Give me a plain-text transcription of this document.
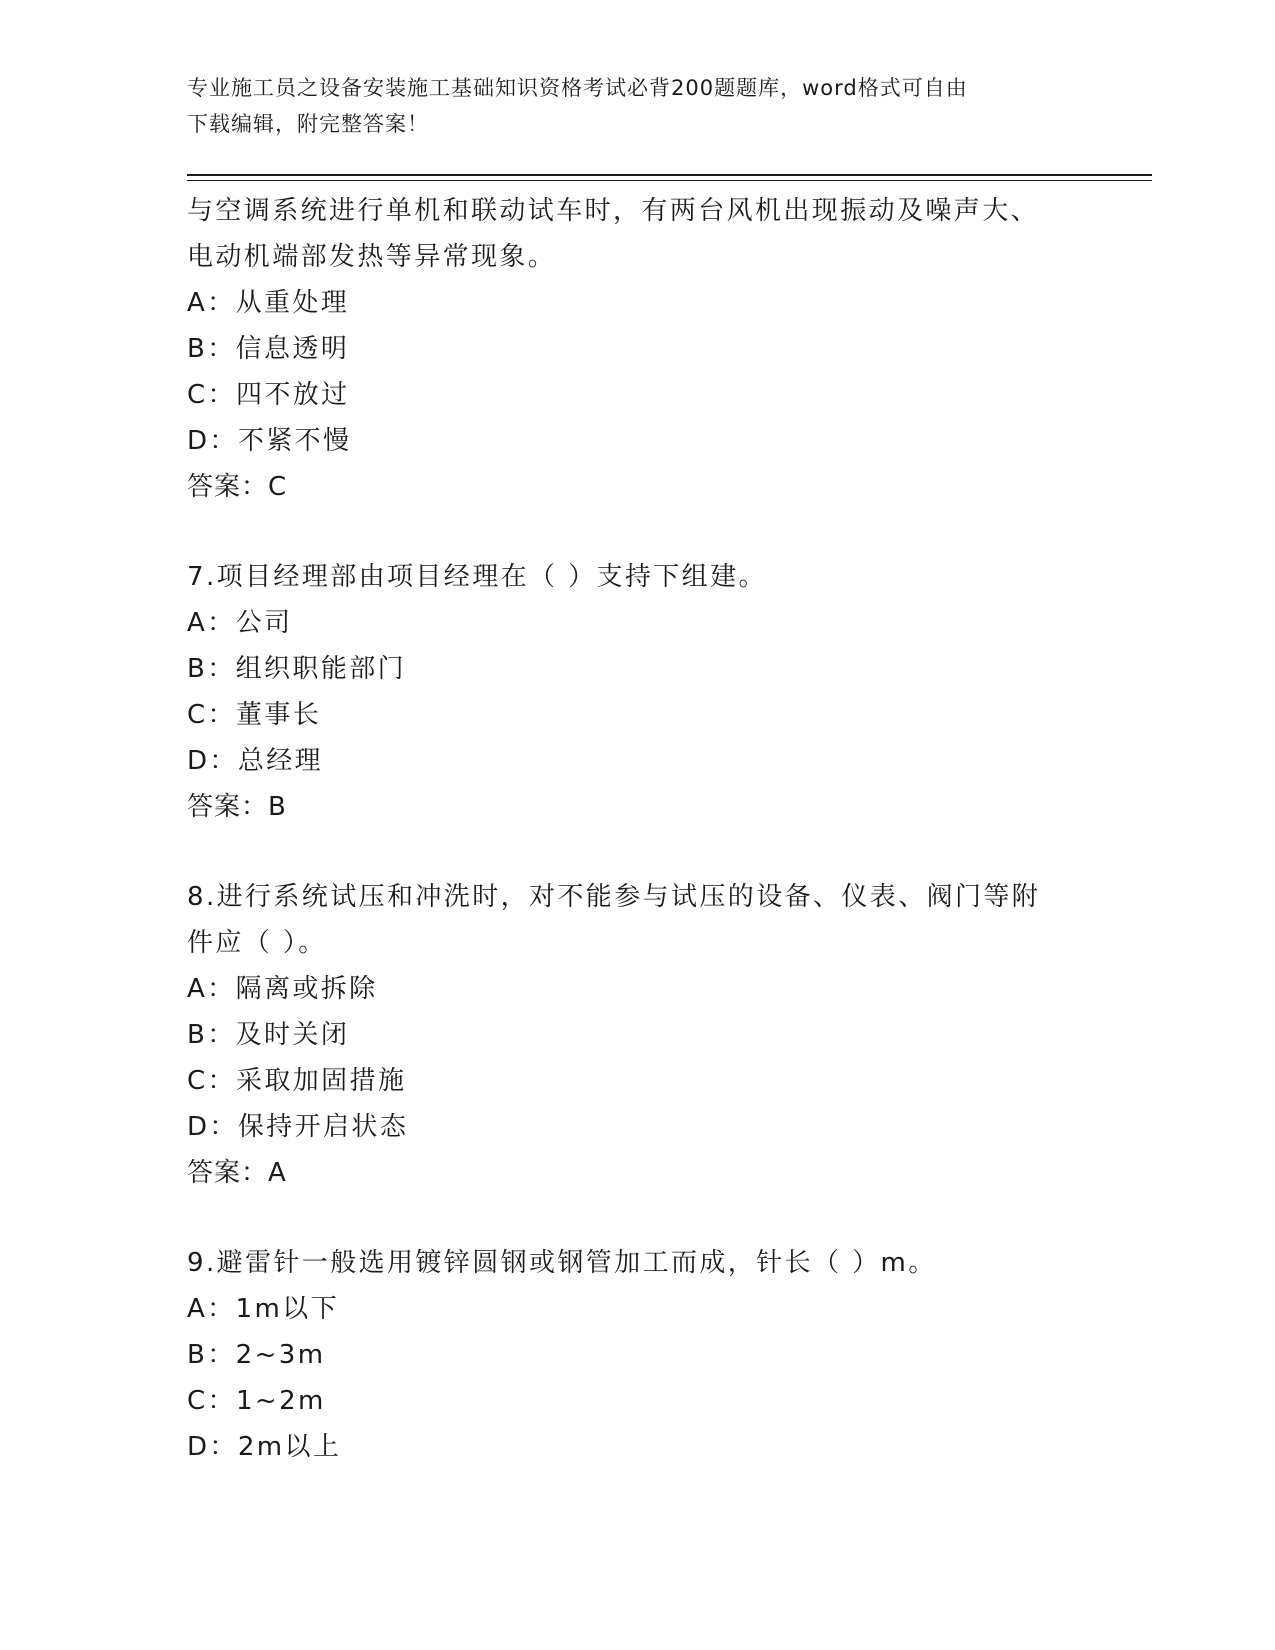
专业施工员之设备安装施工基础知识资格考试必背200题题库，word格式可自由
下载编辑，附完整答案！
与空调系统进行单机和联动试车时，有两台风机出现振动及噪声大、
电动机端部发热等异常现象。
A：从重处理
B：信息透明
C：四不放过
D：不紧不慢
答案：C
7.项目经理部由项目经理在（ ）支持下组建。
A：公司
B：组织职能部门
C：董事长
D：总经理
答案：B
8.进行系统试压和冲洗时，对不能参与试压的设备、仪表、阀门等附
件应（ ）。
A：隔离或拆除
B：及时关闭
C：采取加固措施
D：保持开启状态
答案：A
9.避雷针一般选用镀锌圆钢或钢管加工而成，针长（ ）m。
A：1m以下
B：2~3m
C：1~2m
D：2m以上
